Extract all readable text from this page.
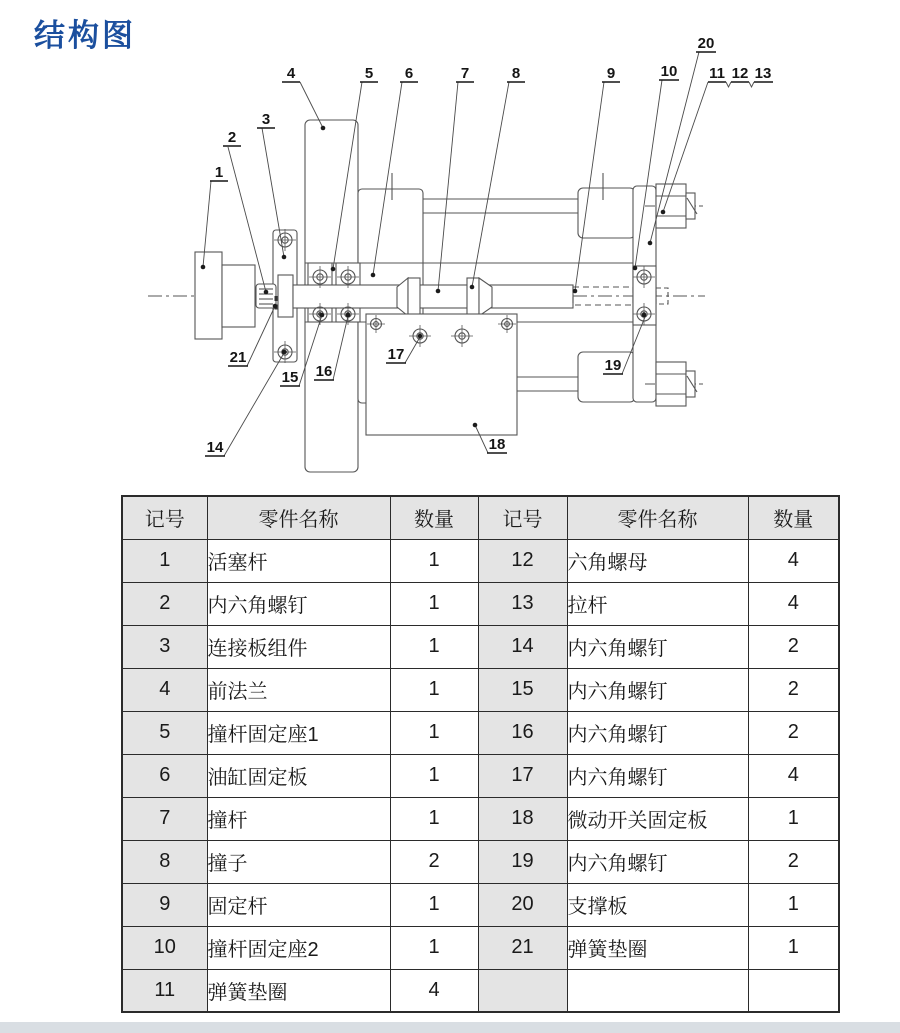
结构图
1
2
3
4	5 6	7	8	9	10
20
11 12 13
21
15 16
14
17
18
19
记号	零件名称	数量	记号	零件名称	数量
1	活塞杆	1	12	六角螺母	4
2	内六角螺钉	1	13	拉杆	4
3	连接板组件	1	14	内六角螺钉	2
4	前法兰	1	15	内六角螺钉	2
5	撞杆固定座1	1	16	内六角螺钉	2
6	油缸固定板	1	17	内六角螺钉	4
7	撞杆	1	18	微动开关固定板	1
8	撞子	2	19	内六角螺钉	2
9	固定杆	1	20	支撑板	1
10	撞杆固定座2	1	21	弹簧垫圈	1
11	弹簧垫圈	4			
